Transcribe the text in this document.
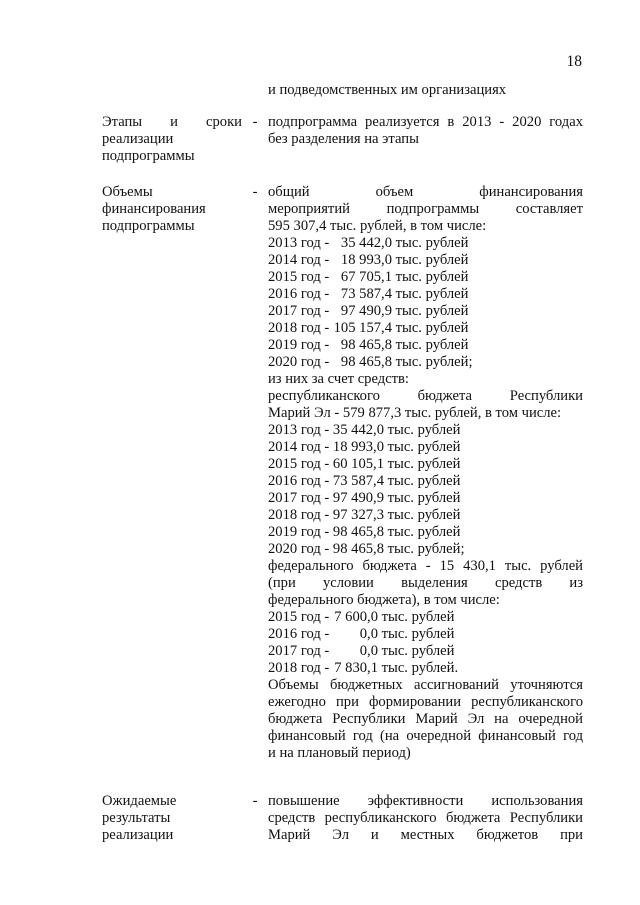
18
и подведомственных им организациях
Этапы и сроки
реализации
подпрограммы
- подпрограмма реализуется в 2013 - 2020 годах
без разделения на этапы
Объемы
финансирования
подпрограммы
- общий объем финансирования
мероприятий подпрограммы составляет
595 307,4 тыс. рублей, в том числе:
2013 год - 35 442,0 тыс. рублей
2014 год - 18 993,0 тыс. рублей
2015 год - 67 705,1 тыс. рублей
2016 год - 73 587,4 тыс. рублей
2017 год - 97 490,9 тыс. рублей
2018 год - 105 157,4 тыс. рублей
2019 год - 98 465,8 тыс. рублей
2020 год - 98 465,8 тыс. рублей;
из них за счет средств:
республиканского бюджета Республики
Марий Эл - 579 877,3 тыс. рублей, в том числе:
2013 год - 35 442,0 тыс. рублей
2014 год - 18 993,0 тыс. рублей
2015 год - 60 105,1 тыс. рублей
2016 год - 73 587,4 тыс. рублей
2017 год - 97 490,9 тыс. рублей
2018 год - 97 327,3 тыс. рублей
2019 год - 98 465,8 тыс. рублей
2020 год - 98 465,8 тыс. рублей;
федерального бюджета - 15 430,1 тыс. рублей
(при условии выделения средств из
федерального бюджета), в том числе:
2015 год - 7 600,0 тыс. рублей
2016 год - 0,0 тыс. рублей
2017 год - 0,0 тыс. рублей
2018 год - 7 830,1 тыс. рублей.
Объемы бюджетных ассигнований уточняются
ежегодно при формировании республиканского
бюджета Республики Марий Эл на очередной
финансовый год (на очередной финансовый год
и на плановый период)
Ожидаемые
результаты
реализации
- повышение эффективности использования
средств республиканского бюджета Республики
Марий Эл и местных бюджетов при
